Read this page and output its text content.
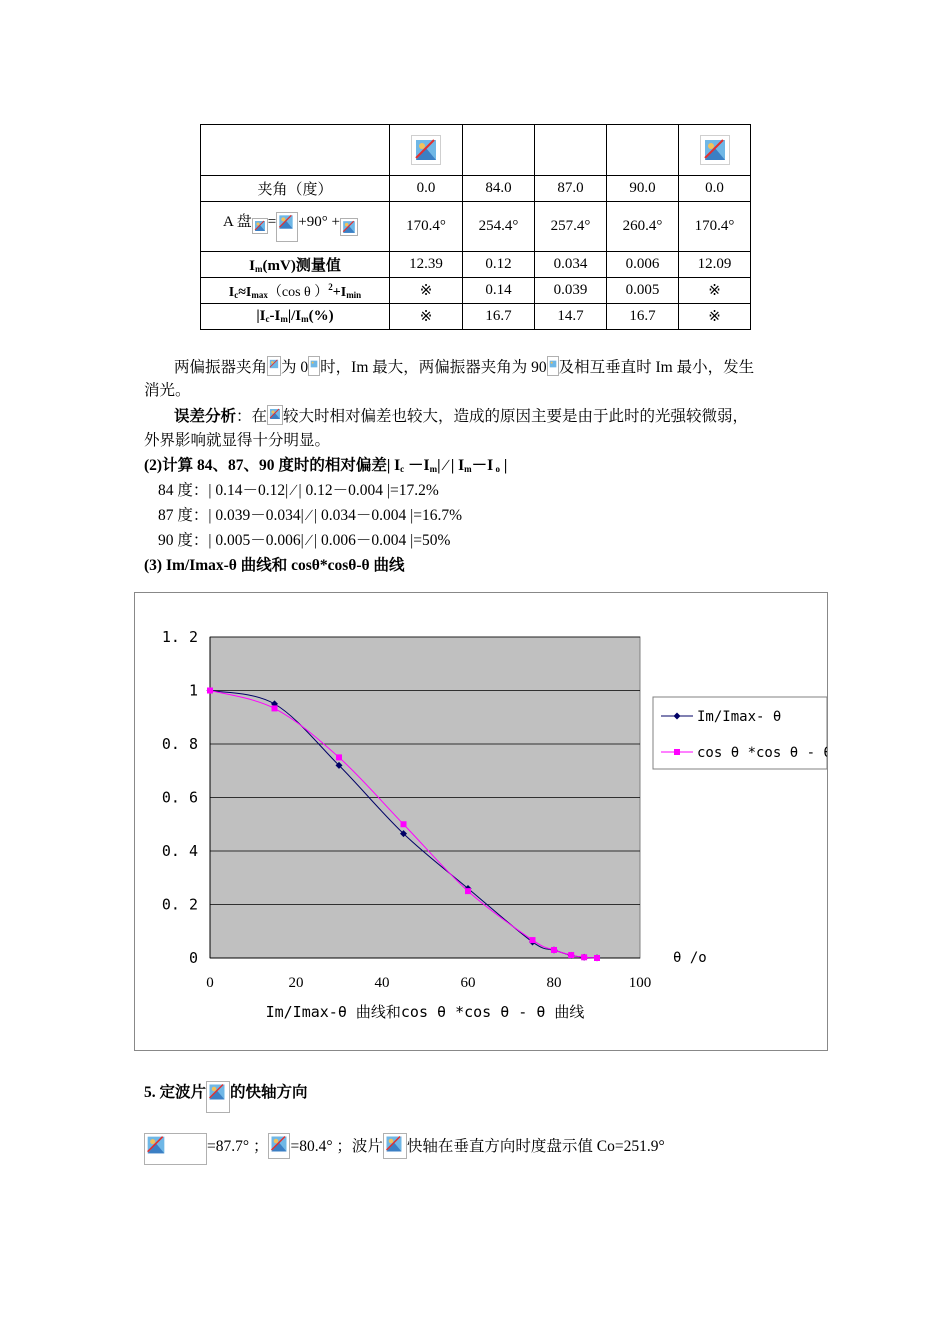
夹角（度）	0.0	84.0	87.0	90.0	0.0
A 盘 = +90° +	170.4°	254.4°	257.4°	260.4°	170.4°
$I_m(mV)$测量值	12.39	0.12	0.034	0.006	12.09
$I_c\approx I_{max}(\cos$ θ ）$^2+I_{min}$	※	0.14	0.039	0.005	※
$|I_c-I_m|/I_m(\%)$	※	16.7	14.7	16.7	※
两偏振器夹角 为 0 时，Im 最大，两偏振器夹角为 90 及相互垂直时 Im 最小，发生
消光。
误差分析：在 较大时相对偏差也较大，造成的原因主要是由于此时的光强较微弱，
外界影响就显得十分明显。
(2)计算 84、87、90 度时的相对偏差| $I_c -I_m|$ ∕ | $I_m-I$ $_o$ |
84 度：| 0.14－0.12| ∕ | 0.12－0.004 |=17.2%
87 度：| 0.039－0.034| ∕ | 0.034－0.004 |=16.7%
90 度：| 0.005－0.006| ∕ | 0.006－0.004 |=50%
(3) Im/Imax-θ 曲线和 cosθ*cosθ-θ 曲线
0
0. 2
0. 4
0. 6
0. 8
1
1. 2
0	20	40	60	80	100
θ /o
Im/Imax-θ 曲线和cos θ *cos θ - θ 曲线
Im/Imax- θ
cos θ *cos θ - θ
5. 定波片 的快轴方向
=87.7° ； =80.4° ；波片 快轴在垂直方向时度盘示值 Co=251.9°
